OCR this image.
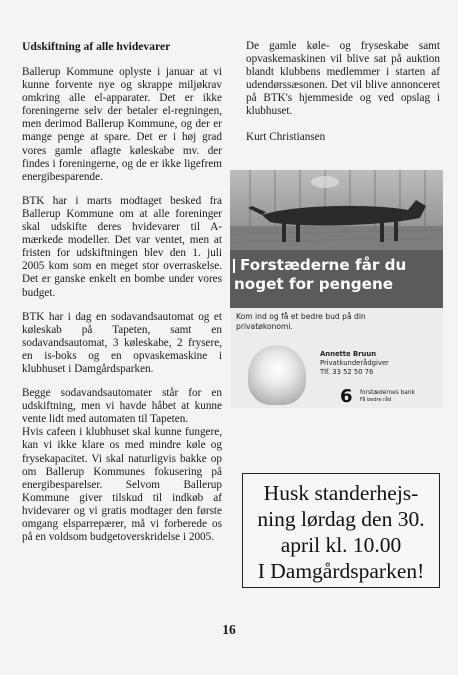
Udskiftning af alle hvidevarer

Ballerup Kommune oplyste i januar at vi kunne forvente nye og skrappe miljøkrav omkring alle el-apparater. Det er ikke foreningerne selv der betaler el-regningen, men derimod Ballerup Kommune, og der er mange penge at spare. Det er i høj grad vores gamle aflagte køleskabe mv. der findes i foreningerne, og de er ikke ligefrem energibesparende.

BTK har i marts modtaget besked fra Ballerup Kommune om at alle foreninger skal udskifte deres hvidevarer til A-mærkede modeller. Det var ventet, men at fristen for udskiftningen blev den 1. juli 2005 kom som en meget stor overraskelse. Det er ganske enkelt en bombe under vores budget.

BTK har i dag en sodavandsautomat og et køleskab på Tapeten, samt en sodavandsautomat, 3 køleskabe, 2 frysere, en is-boks og en opvaskemaskine i klubhuset i Damgårdsparken.

Begge sodavandsautomater står for en udskiftning, men vi havde håbet at kunne vente lidt med automaten til Tapeten.

Hvis cafeen i klubhuset skal kunne fungere, kan vi ikke klare os med mindre køle og frysekapacitet. Vi skal naturligvis bakke op om Ballerup Kommunes fokusering på energibesparelser. Selvom Ballerup Kommune giver tilskud til indkøb af hvidevarer og vi gratis modtager den første omgang elsparrepærer, må vi forberede os på en voldsom budgetoverskridelse i 2005.

De gamle køle- og fryseskabe samt opvaskemaskinen vil blive sat på auktion blandt klubbens medlemmer i starten af udendørssæsonen. Det vil blive annonceret på BTK's hjemmeside og ved opslag i klubhuset.

Kurt Christiansen

Forstæderne får du
noget for pengene
Kom ind og få et bedre bud på din
privatøkonomi.
Annette Bruun
Privatkunderådgiver
Tlf. 33 52 50 76
6 forstædernes bank
Få bedre råd
Husk standerhejs-
ning lørdag den 30.
april kl. 10.00
I Damgårdsparken!
16
